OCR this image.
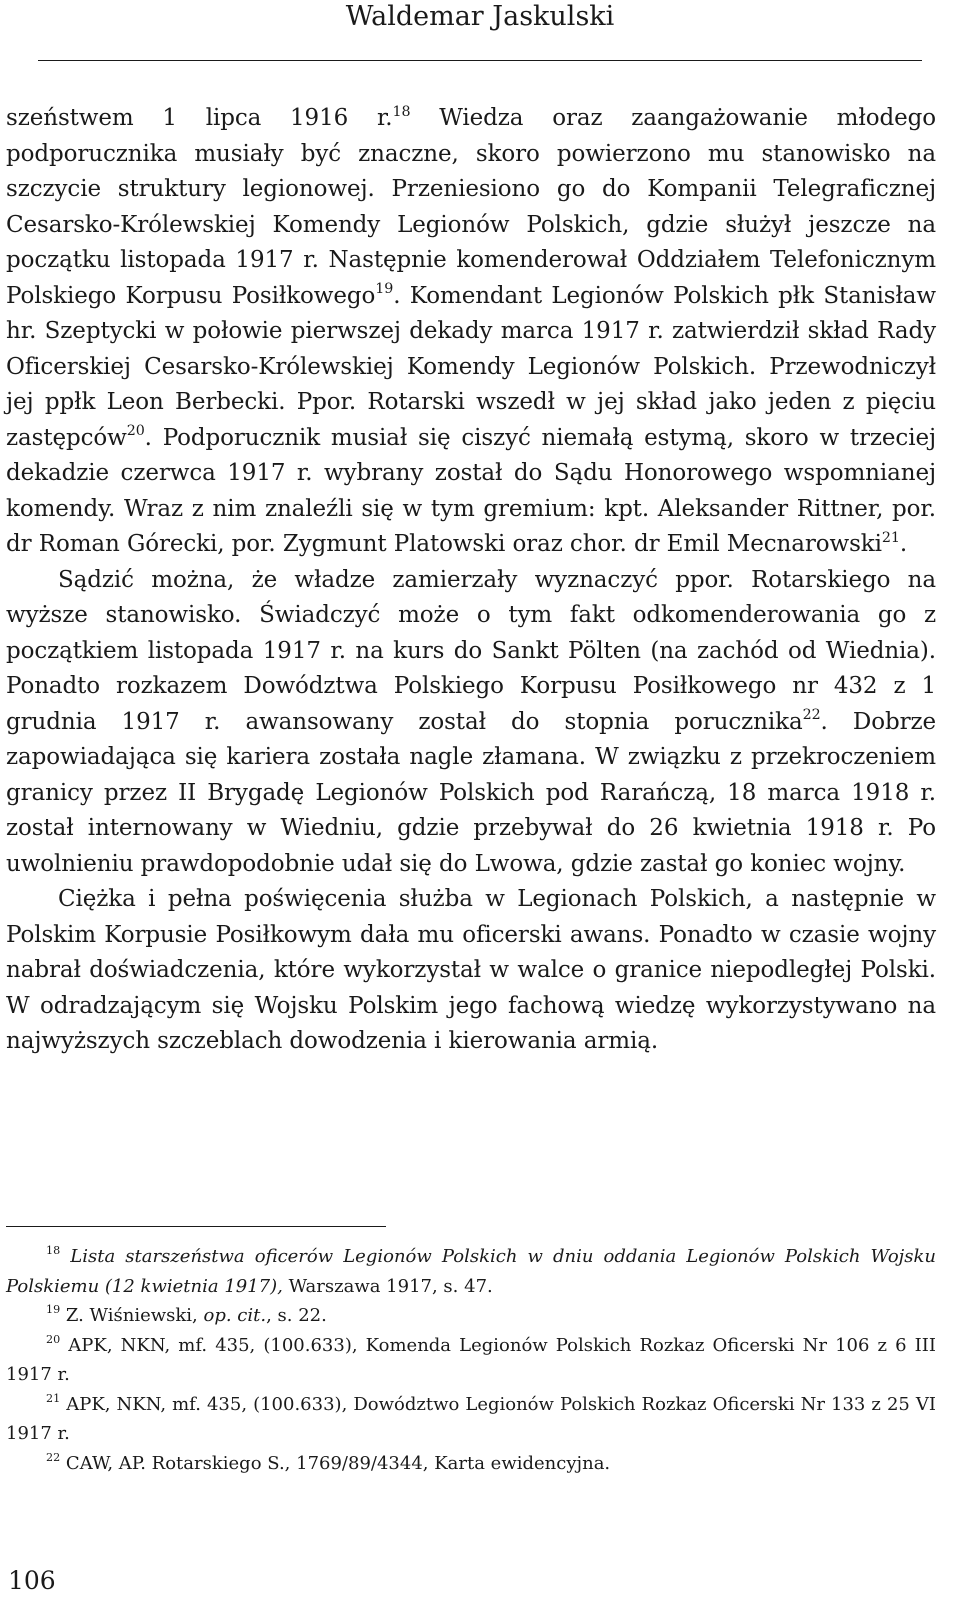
Waldemar Jaskulski

szeństwem 1 lipca 1916 r.$^{18}$ Wiedza oraz zaangażowanie młodego podporucznika musiały być znaczne, skoro powierzono mu stanowisko na szczycie struktury legionowej. Przeniesiono go do Kompanii Telegraficznej Cesarsko-Królewskiej Komendy Legionów Polskich, gdzie służył jeszcze na początku listopada 1917 r. Następnie komenderował Oddziałem Telefonicznym Polskiego Korpusu Posiłkowego$^{19}$. Komendant Legionów Polskich płk Stanisław hr. Szeptycki w połowie pierwszej dekady marca 1917 r. zatwierdził skład Rady Oficerskiej Cesarsko-Królewskiej Komendy Legionów Polskich. Przewodniczył jej ppłk Leon Berbecki. Ppor. Rotarski wszedł w jej skład jako jeden z pięciu zastępców$^{20}$. Podporucznik musiał się ciszyć niemałą estymą, skoro w trzeciej dekadzie czerwca 1917 r. wybrany został do Sądu Honorowego wspomnianej komendy. Wraz z nim znaleźli się w tym gremium: kpt. Aleksander Rittner, por. dr Roman Górecki, por. Zygmunt Platowski oraz chor. dr Emil Mecnarowski$^{21}$.

Sądzić można, że władze zamierzały wyznaczyć ppor. Rotarskiego na wyższe stanowisko. Świadczyć może o tym fakt odkomenderowania go z początkiem listopada 1917 r. na kurs do Sankt Pölten (na zachód od Wiednia). Ponadto rozkazem Dowództwa Polskiego Korpusu Posiłkowego nr 432 z 1 grudnia 1917 r. awansowany został do stopnia porucznika$^{22}$. Dobrze zapowiadająca się kariera została nagle złamana. W związku z przekroczeniem granicy przez II Brygadę Legionów Polskich pod Rarańczą, 18 marca 1918 r. został internowany w Wiedniu, gdzie przebywał do 26 kwietnia 1918 r. Po uwolnieniu prawdopodobnie udał się do Lwowa, gdzie zastał go koniec wojny.

Ciężka i pełna poświęcenia służba w Legionach Polskich, a następnie w Polskim Korpusie Posiłkowym dała mu oficerski awans. Ponadto w czasie wojny nabrał doświadczenia, które wykorzystał w walce o granice niepodległej Polski. W odradzającym się Wojsku Polskim jego fachową wiedzę wykorzystywano na najwyższych szczeblach dowodzenia i kierowania armią.

$^{18}$ Lista starszeństwa oficerów Legionów Polskich w dniu oddania Legionów Polskich Wojsku Polskiemu (12 kwietnia 1917), Warszawa 1917, s. 47.

$^{19}$ Z. Wiśniewski, op. cit., s. 22.

$^{20}$ APK, NKN, mf. 435, (100.633), Komenda Legionów Polskich Rozkaz Oficerski Nr 106 z 6 III 1917 r.

$^{21}$ APK, NKN, mf. 435, (100.633), Dowództwo Legionów Polskich Rozkaz Oficerski Nr 133 z 25 VI 1917 r.

$^{22}$ CAW, AP. Rotarskiego S., 1769/89/4344, Karta ewidencyjna.

106
